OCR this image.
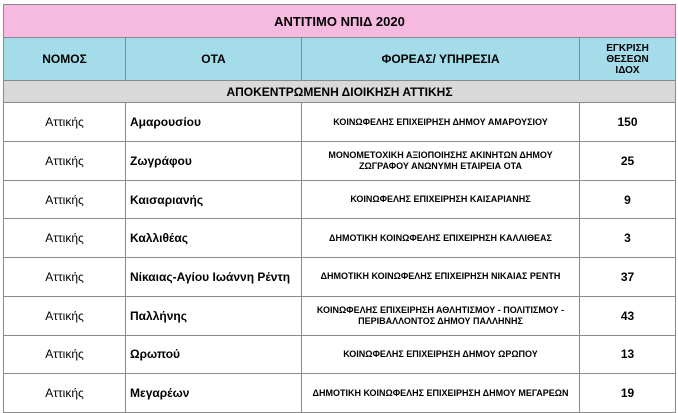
ΑΝΤΙΤΙΜΟ ΝΠΙΔ 2020			
ΝΟΜΟΣ	ΟΤΑ	ΦΟΡΕΑΣ/ ΥΠΗΡΕΣΙΑ	ΕΓΚΡΙΣΗ
ΘΕΣΕΩΝ
ΙΔΟΧ

ΑΠΟΚΕΝΤΡΩΜΕΝΗ ΔΙΟΙΚΗΣΗ ΑΤΤΙΚΗΣ			
Αττικής	Αμαρουσίου	ΚΟΙΝΩΦΕΛΗΣ ΕΠΙΧΕΙΡΗΣΗ ΔΗΜΟΥ ΑΜΑΡΟΥΣΙΟΥ	150
Αττικής	Ζωγράφου	ΜΟΝΟΜΕΤΟΧΙΚΗ ΑΞΙΟΠΟΙΗΣΗΣ ΑΚΙΝΗΤΩΝ ΔΗΜΟΥ ΖΩΓΡΑΦΟΥ ΑΝΩΝΥΜΗ ΕΤΑΙΡΕΙΑ ΟΤΑ	25
Αττικής	Καισαριανής	ΚΟΙΝΩΦΕΛΗΣ ΕΠΙΧΕΙΡΗΣΗ ΚΑΙΣΑΡΙΑΝΗΣ	9
Αττικής	Καλλιθέας	ΔΗΜΟΤΙΚΗ ΚΟΙΝΩΦΕΛΗΣ ΕΠΙΧΕΙΡΗΣΗ ΚΑΛΛΙΘΕΑΣ	3
Αττικής	Νίκαιας-Αγίου Ιωάννη Ρέντη	ΔΗΜΟΤΙΚΗ ΚΟΙΝΩΦΕΛΗΣ ΕΠΙΧΕΙΡΗΣΗ ΝΙΚΑΙΑΣ ΡΕΝΤΗ	37
Αττικής	Παλλήνης	ΚΟΙΝΩΦΕΛΗΣ ΕΠΙΧΕΙΡΗΣΗ ΑΘΛΗΤΙΣΜΟΥ - ΠΟΛΙΤΙΣΜΟΥ - ΠΕΡΙΒΑΛΛΟΝΤΟΣ ΔΗΜΟΥ ΠΑΛΛΗΝΗΣ	43
Αττικής	Ωρωπού	ΚΟΙΝΩΦΕΛΗΣ ΕΠΙΧΕΙΡΗΣΗ ΔΗΜΟΥ ΩΡΩΠΟΥ	13
Αττικής	Μεγαρέων	ΔΗΜΟΤΙΚΗ ΚΟΙΝΩΦΕΛΗΣ ΕΠΙΧΕΙΡΗΣΗ ΔΗΜΟΥ ΜΕΓΑΡΕΩΝ	19
